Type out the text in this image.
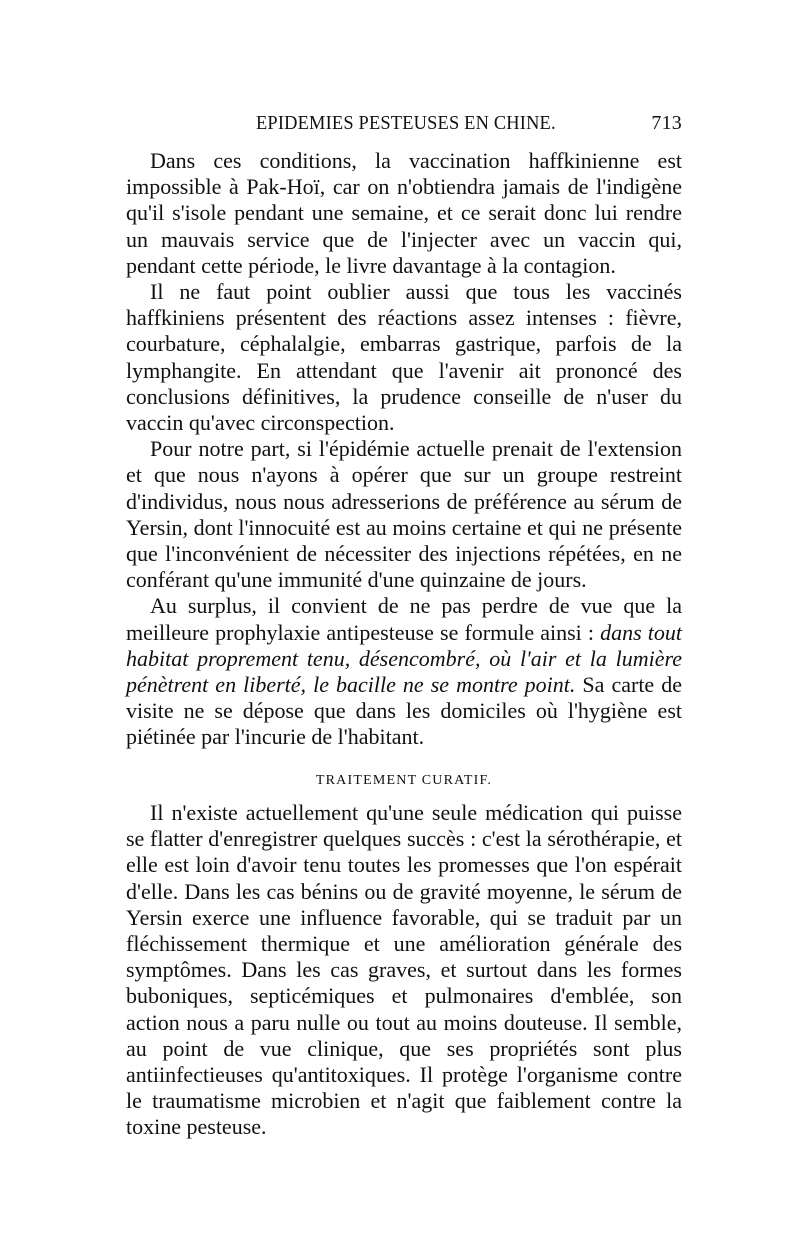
EPIDEMIES PESTEUSES EN CHINE.	713

Dans ces conditions, la vaccination haffkinienne est impossible à Pak-Hoï, car on n'obtiendra jamais de l'indigène qu'il s'isole pendant une semaine, et ce serait donc lui rendre un mauvais service que de l'injecter avec un vaccin qui, pendant cette période, le livre davantage à la contagion.

Il ne faut point oublier aussi que tous les vaccinés haffkiniens présentent des réactions assez intenses : fièvre, courbature, céphalalgie, embarras gastrique, parfois de la lymphangite. En attendant que l'avenir ait prononcé des conclusions définitives, la prudence conseille de n'user du vaccin qu'avec circonspection.

Pour notre part, si l'épidémie actuelle prenait de l'extension et que nous n'ayons à opérer que sur un groupe restreint d'individus, nous nous adresserions de préférence au sérum de Yersin, dont l'innocuité est au moins certaine et qui ne présente que l'inconvénient de nécessiter des injections répétées, en ne conférant qu'une immunité d'une quinzaine de jours.

Au surplus, il convient de ne pas perdre de vue que la meilleure prophylaxie antipesteuse se formule ainsi : dans tout habitat proprement tenu, désencombré, où l'air et la lumière pénètrent en liberté, le bacille ne se montre point. Sa carte de visite ne se dépose que dans les domiciles où l'hygiène est piétinée par l'incurie de l'habitant.

TRAITEMENT CURATIF.

Il n'existe actuellement qu'une seule médication qui puisse se flatter d'enregistrer quelques succès : c'est la sérothérapie, et elle est loin d'avoir tenu toutes les promesses que l'on espérait d'elle. Dans les cas bénins ou de gravité moyenne, le sérum de Yersin exerce une influence favorable, qui se traduit par un fléchissement thermique et une amélioration générale des symptômes. Dans les cas graves, et surtout dans les formes buboniques, septicémiques et pulmonaires d'emblée, son action nous a paru nulle ou tout au moins douteuse. Il semble, au point de vue clinique, que ses propriétés sont plus antiinfectieuses qu'antitoxiques. Il protège l'organisme contre le traumatisme microbien et n'agit que faiblement contre la toxine pesteuse.
